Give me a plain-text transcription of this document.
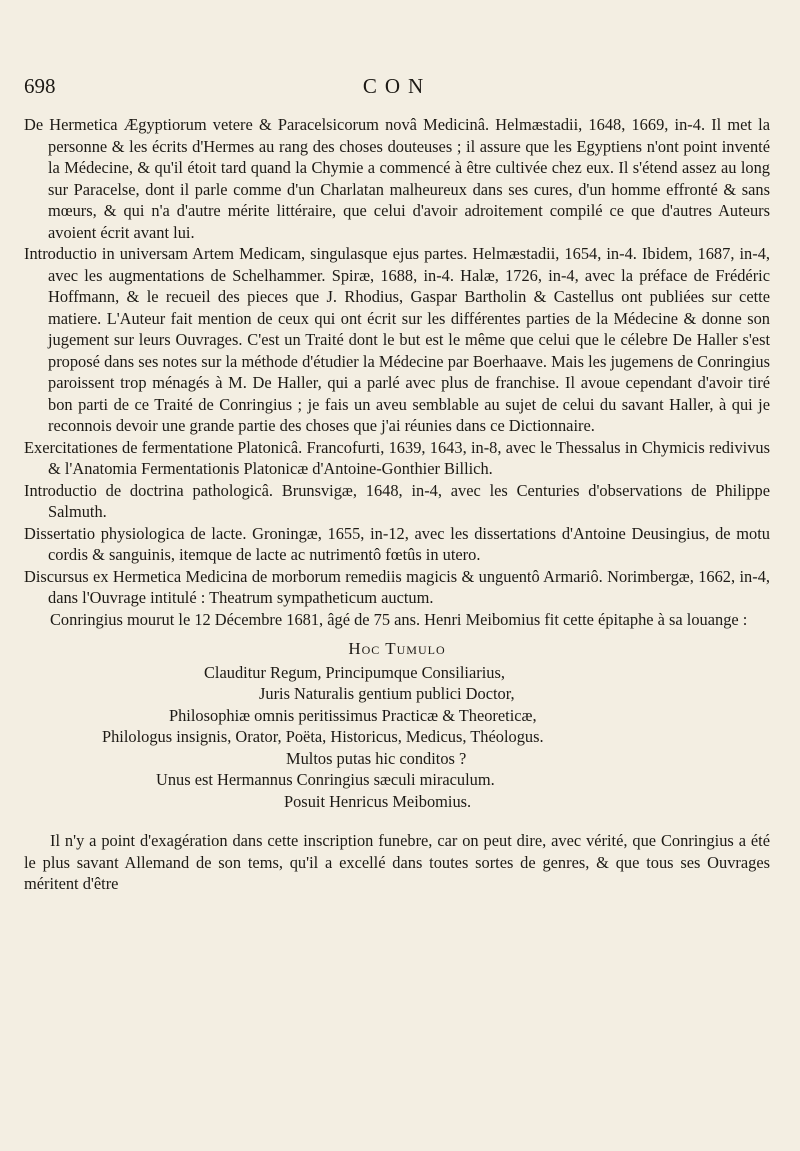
698	CON

De Hermetica Ægyptiorum vetere & Paracelsicorum novâ Medicinâ. Helmæstadii, 1648, 1669, in-4. Il met la personne & les écrits d'Hermes au rang des choses douteuses ; il assure que les Egyptiens n'ont point inventé la Médecine, & qu'il étoit tard quand la Chymie a commencé à être cultivée chez eux. Il s'étend assez au long sur Paracelse, dont il parle comme d'un Charlatan malheureux dans ses cures, d'un homme effronté & sans mœurs, & qui n'a d'autre mérite littéraire, que celui d'avoir adroitement compilé ce que d'autres Auteurs avoient écrit avant lui.

Introductio in universam Artem Medicam, singulasque ejus partes. Helmæstadii, 1654, in-4. Ibidem, 1687, in-4, avec les augmentations de Schelhammer. Spiræ, 1688, in-4. Halæ, 1726, in-4, avec la préface de Frédéric Hoffmann, & le recueil des pieces que J. Rhodius, Gaspar Bartholin & Castellus ont publiées sur cette matiere. L'Auteur fait mention de ceux qui ont écrit sur les différentes parties de la Médecine & donne son jugement sur leurs Ouvrages. C'est un Traité dont le but est le même que celui que le célebre De Haller s'est proposé dans ses notes sur la méthode d'étudier la Médecine par Boerhaave. Mais les jugemens de Conringius paroissent trop ménagés à M. De Haller, qui a parlé avec plus de franchise. Il avoue cependant d'avoir tiré bon parti de ce Traité de Conringius ; je fais un aveu semblable au sujet de celui du savant Haller, à qui je reconnois devoir une grande partie des choses que j'ai réunies dans ce Dictionnaire.

Exercitationes de fermentatione Platonicâ. Francofurti, 1639, 1643, in-8, avec le Thessalus in Chymicis redivivus & l'Anatomia Fermentationis Platonicæ d'Antoine-Gonthier Billich.

Introductio de doctrina pathologicâ. Brunsvigæ, 1648, in-4, avec les Centuries d'observations de Philippe Salmuth.

Dissertatio physiologica de lacte. Groningæ, 1655, in-12, avec les dissertations d'Antoine Deusingius, de motu cordis & sanguinis, itemque de lacte ac nutrimentô fœtûs in utero.

Discursus ex Hermetica Medicina de morborum remediis magicis & unguentô Armariô. Norimbergæ, 1662, in-4, dans l'Ouvrage intitulé : Theatrum sympatheticum auctum.

Conringius mourut le 12 Décembre 1681, âgé de 75 ans. Henri Meibomius fit cette épitaphe à sa louange :

Hoc Tumulo
Clauditur Regum, Principumque Consiliarius,
Juris Naturalis gentium publici Doctor,
Philosophiæ omnis peritissimus Practicæ & Theoreticæ,
Philologus insignis, Orator, Poëta, Historicus, Medicus, Théologus.
Multos putas hic conditos ?
Unus est Hermannus Conringius sæculi miraculum.
Posuit Henricus Meibomius.

Il n'y a point d'exagération dans cette inscription funebre, car on peut dire, avec vérité, que Conringius a été le plus savant Allemand de son tems, qu'il a excellé dans toutes sortes de genres, & que tous ses Ouvrages méritent d'être
